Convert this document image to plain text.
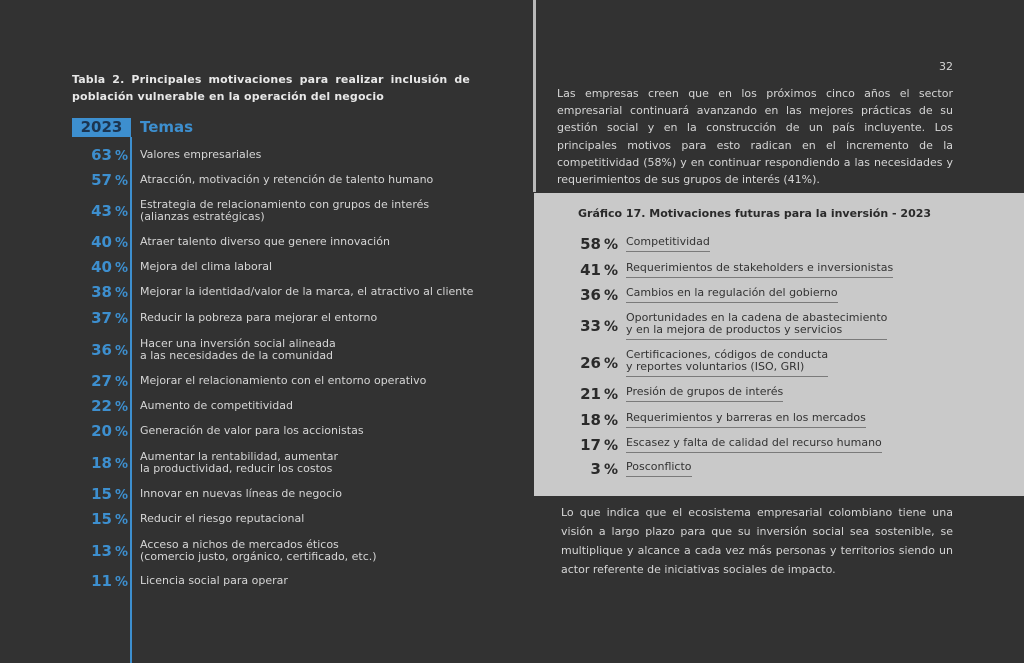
Tabla 2. Principales motivaciones para realizar inclusión de población vulnerable en la operación del negocio
2023	Temas
63 % Valores empresariales
57 % Atracción, motivación y retención de talento humano
43 %
Estrategia de relacionamiento con grupos de interés
(alianzas estratégicas)
40 % Atraer talento diverso que genere innovación
40 % Mejora del clima laboral
38 % Mejorar la identidad/valor de la marca, el atractivo al cliente
37 % Reducir la pobreza para mejorar el entorno
36 %
Hacer una inversión social alineada
a las necesidades de la comunidad
27 % Mejorar el relacionamiento con el entorno operativo
22 % Aumento de competitividad
20 % Generación de valor para los accionistas
18 %
Aumentar la rentabilidad, aumentar
la productividad, reducir los costos
15 % Innovar en nuevas líneas de negocio
15 % Reducir el riesgo reputacional
13 %
Acceso a nichos de mercados éticos
(comercio justo, orgánico, certificado, etc.)
11 % Licencia social para operar
32
Las empresas creen que en los próximos cinco años el sector empresarial continuará avanzando en las mejores prácticas de su gestión social y en la construcción de un país incluyente. Los principales motivos para esto radican en el incremento de la competitividad (58%) y en continuar respondiendo a las necesidades y requerimientos de sus grupos de interés (41%).
Gráfico 17. Motivaciones futuras para la inversión - 2023
58 % Competitividad
41 % Requerimientos de stakeholders e inversionistas
36 % Cambios en la regulación del gobierno
33 %
Oportunidades en la cadena de abastecimiento
y en la mejora de productos y servicios
26 %
Certificaciones, códigos de conducta
y reportes voluntarios (ISO, GRI)
21 % Presión de grupos de interés
18 % Requerimientos y barreras en los mercados
17 % Escasez y falta de calidad del recurso humano
3 % Posconflicto
Lo que indica que el ecosistema empresarial colombiano tiene una visión a largo plazo para que su inversión social sea sostenible, se multiplique y alcance a cada vez más personas y territorios siendo un actor referente de iniciativas sociales de impacto.
